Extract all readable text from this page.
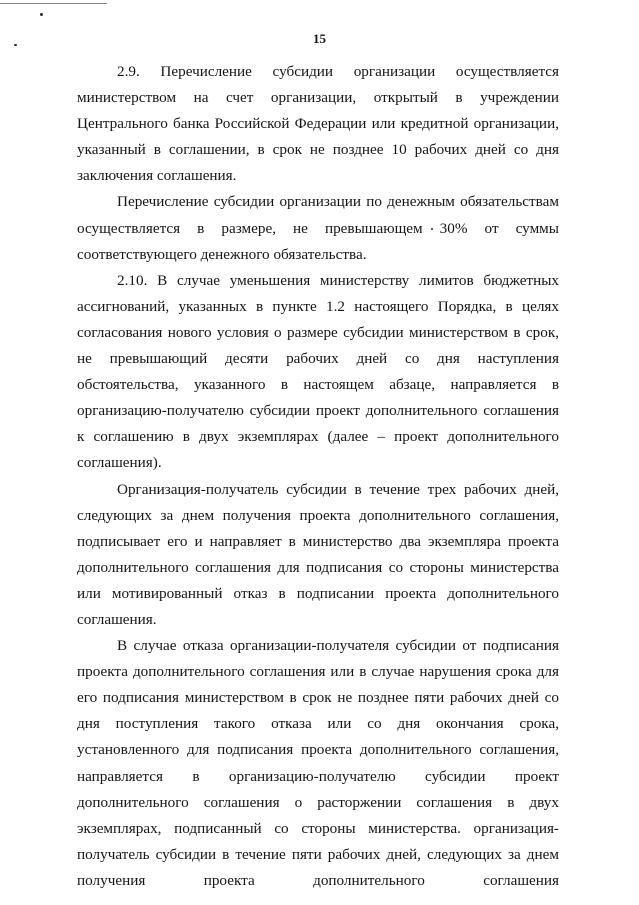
15

2.9. Перечисление субсидии организации осуществляется министерством на счет организации, открытый в учреждении Центрального банка Российской Федерации или кредитной организации, указанный в соглашении, в срок не позднее 10 рабочих дней со дня заключения соглашения.

Перечисление субсидии организации по денежным обязательствам осуществляется в размере, не превышающем 30% от суммы соответствующего денежного обязательства.

2.10. В случае уменьшения министерству лимитов бюджетных ассигнований, указанных в пункте 1.2 настоящего Порядка, в целях согласования нового условия о размере субсидии министерством в срок, не превышающий десяти рабочих дней со дня наступления обстоятельства, указанного в настоящем абзаце, направляется в организацию-получателю субсидии проект дополнительного соглашения к соглашению в двух экземплярах (далее – проект дополнительного соглашения).

Организация-получатель субсидии в течение трех рабочих дней, следующих за днем получения проекта дополнительного соглашения, подписывает его и направляет в министерство два экземпляра проекта дополнительного соглашения для подписания со стороны министерства или мотивированный отказ в подписании проекта дополнительного соглашения.

В случае отказа организации-получателя субсидии от подписания проекта дополнительного соглашения или в случае нарушения срока для его подписания министерством в срок не позднее пяти рабочих дней со дня поступления такого отказа или со дня окончания срока, установленного для подписания проекта дополнительного соглашения, направляется в организацию-получателю субсидии проект дополнительного соглашения о расторжении соглашения в двух экземплярах, подписанный со стороны министерства. организация-получатель субсидии в течение пяти рабочих дней, следующих за днем получения проекта дополнительного соглашения
